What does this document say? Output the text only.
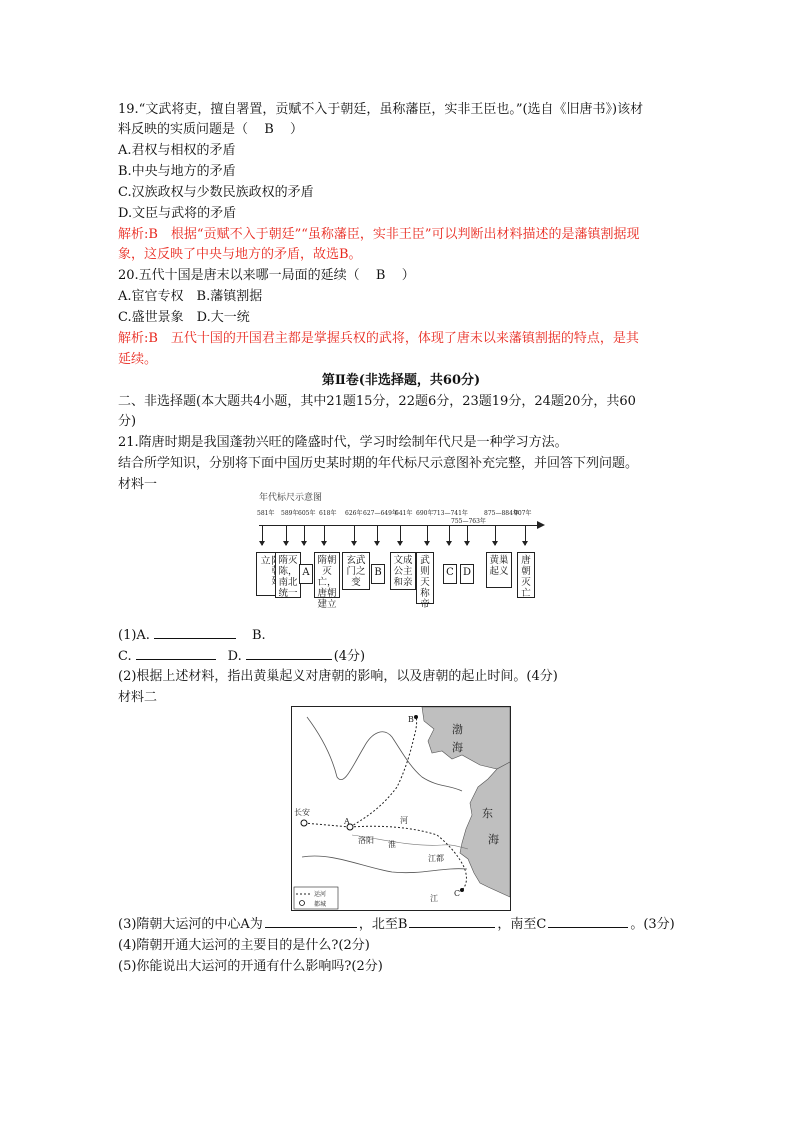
19.“文武将吏，擅自署置，贡赋不入于朝廷，虽称藩臣，实非王臣也。”(选自《旧唐书》)该材
料反映的实质问题是（ B ）
A.君权与相权的矛盾
B.中央与地方的矛盾
C.汉族政权与少数民族政权的矛盾
D.文臣与武将的矛盾
解析:B　根据“贡赋不入于朝廷”“虽称藩臣，实非王臣”可以判断出材料描述的是藩镇割据现
象，这反映了中央与地方的矛盾，故选B。
20.五代十国是唐末以来哪一局面的延续（ B ）
A.宦官专权　B.藩镇割据
C.盛世景象　D.大一统
解析:B　五代十国的开国君主都是掌握兵权的武将，体现了唐末以来藩镇割据的特点，是其
延续。
第Ⅱ卷(非选择题，共60分)
二、非选择题(本大题共4小题，其中21题15分，22题6分，23题19分，24题20分，共60
分)
21.隋唐时期是我国蓬勃兴旺的隆盛时代，学习时绘制年代尺是一种学习方法。
结合所学知识，分别将下面中国历史某时期的年代标尺示意图补充完整，并回答下列问题。
材料一
年代标尺示意图
581年 589年 605年 618年 626年 627—649年
641年 690年 713—741年
755—763年
875—884年
907年
立 隋灭陈，南北统一
A
隋朝灭亡，唐朝建立
玄武门之变
B
文成公主和亲
武则天称帝
C D
黄巢起义
唐朝灭亡
(1)A.	B.
C.	D.	(4分)
(2)根据上述材料，指出黄巢起义对唐朝的影响，以及唐朝的起止时间。(4分)
材料二
长安
洛阳
江都
渤
海
东
海
A
B
C
河
淮
江
运河
都城
(3)隋朝大运河的中心A为	，北至B	，南至C	。(3分)
(4)隋朝开通大运河的主要目的是什么?(2分)
(5)你能说出大运河的开通有什么影响吗?(2分)
